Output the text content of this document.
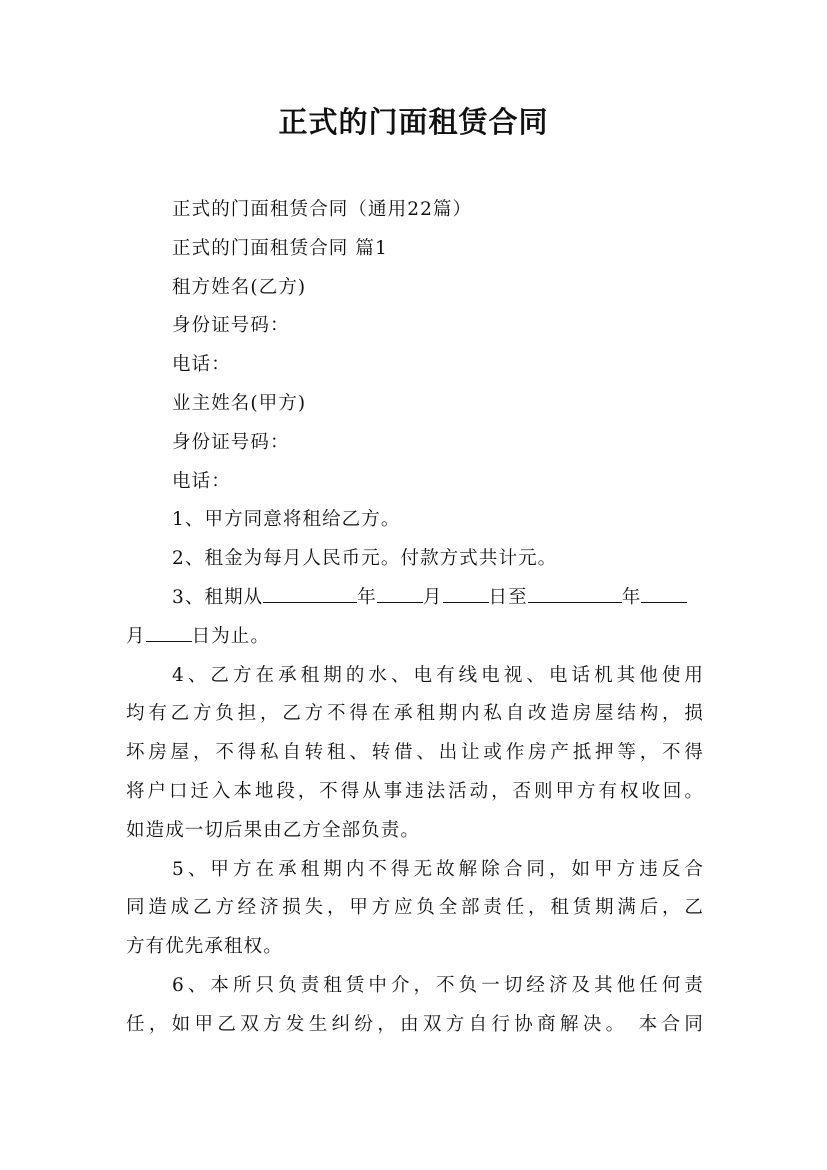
正式的门面租赁合同
正式的门面租赁合同（通用22篇）
正式的门面租赁合同 篇1
租方姓名(乙方)
身份证号码：
电话：
业主姓名(甲方)
身份证号码：
电话：
1、甲方同意将租给乙方。
2、租金为每月人民币元。付款方式共计元。
3、租期从	年 月 日至	年
月 日为止。
4、乙方在承租期的水、电有线电视、电话机其他使用
均有乙方负担，乙方不得在承租期内私自改造房屋结构，损
坏房屋，不得私自转租、转借、出让或作房产抵押等，不得
将户口迁入本地段，不得从事违法活动，否则甲方有权收回。
如造成一切后果由乙方全部负责。
5、甲方在承租期内不得无故解除合同，如甲方违反合
同造成乙方经济损失，甲方应负全部责任，租赁期满后，乙
方有优先承租权。
6、本所只负责租赁中介，不负一切经济及其他任何责
任，如甲乙双方发生纠纷，由双方自行协商解决。 本合同
